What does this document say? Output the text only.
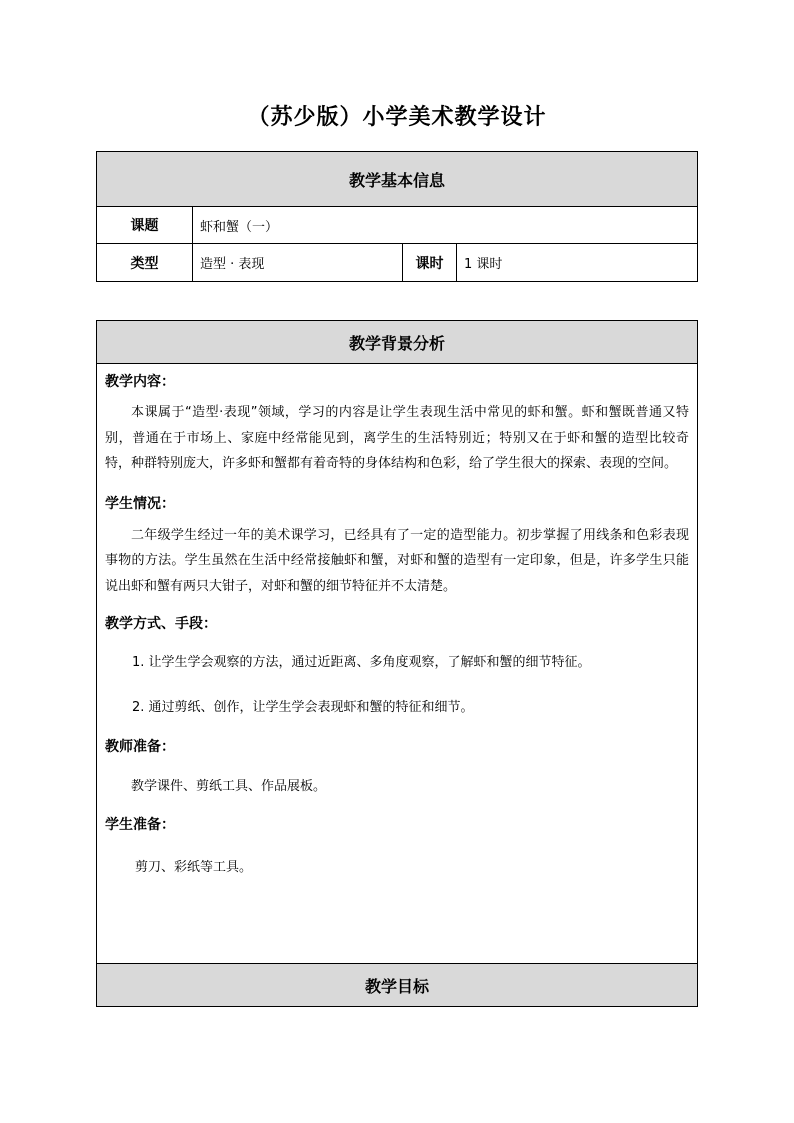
（苏少版）小学美术教学设计
教学基本信息			
课题	虾和蟹（一）		
类型	造型 · 表现	课时	1 课时
教学背景分析

教学内容：

本课属于“造型·表现”领域，学习的内容是让学生表现生活中常见的虾和蟹。虾和蟹既普通又特别，普通在于市场上、家庭中经常能见到，离学生的生活特别近；特别又在于虾和蟹的造型比较奇特，种群特别庞大，许多虾和蟹都有着奇特的身体结构和色彩，给了学生很大的探索、表现的空间。

学生情况：

二年级学生经过一年的美术课学习，已经具有了一定的造型能力。初步掌握了用线条和色彩表现事物的方法。学生虽然在生活中经常接触虾和蟹，对虾和蟹的造型有一定印象，但是，许多学生只能说出虾和蟹有两只大钳子，对虾和蟹的细节特征并不太清楚。

教学方式、手段：

1. 让学生学会观察的方法，通过近距离、多角度观察，了解虾和蟹的细节特征。

2. 通过剪纸、创作，让学生学会表现虾和蟹的特征和细节。

教师准备：

教学课件、剪纸工具、作品展板。

学生准备：

剪刀、彩纸等工具。

教学目标
